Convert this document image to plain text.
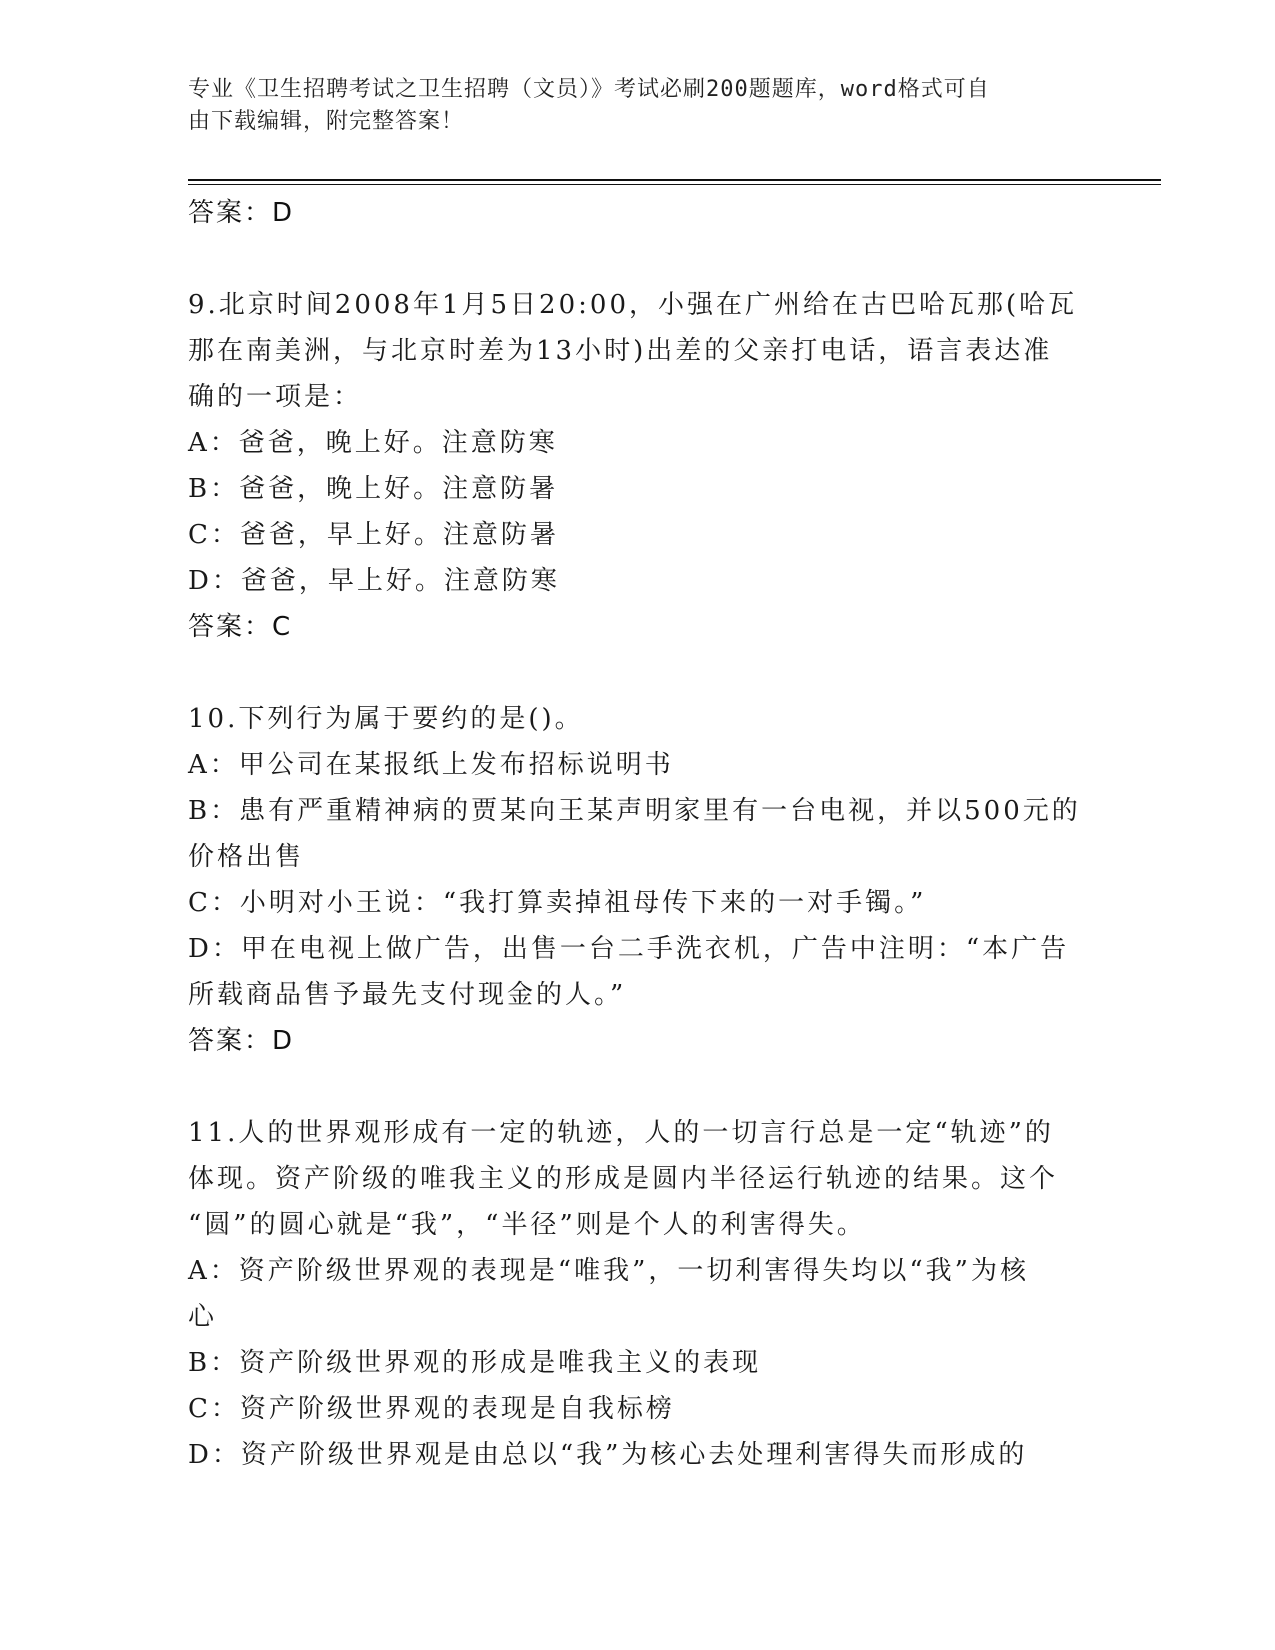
专业《卫生招聘考试之卫生招聘（文员）》考试必刷200题题库，word格式可自
由下载编辑，附完整答案！
答案：D
9.北京时间2008年1月5日20:00，小强在广州给在古巴哈瓦那(哈瓦
那在南美洲，与北京时差为13小时)出差的父亲打电话，语言表达准
确的一项是：
A：爸爸，晚上好。注意防寒
B：爸爸，晚上好。注意防暑
C：爸爸，早上好。注意防暑
D：爸爸，早上好。注意防寒
答案：C
10.下列行为属于要约的是()。
A：甲公司在某报纸上发布招标说明书
B：患有严重精神病的贾某向王某声明家里有一台电视，并以500元的
价格出售
C：小明对小王说：“我打算卖掉祖母传下来的一对手镯。”
D：甲在电视上做广告，出售一台二手洗衣机，广告中注明：“本广告
所载商品售予最先支付现金的人。”
答案：D
11.人的世界观形成有一定的轨迹，人的一切言行总是一定“轨迹”的
体现。资产阶级的唯我主义的形成是圆内半径运行轨迹的结果。这个
“圆”的圆心就是“我”，“半径”则是个人的利害得失。
A：资产阶级世界观的表现是“唯我”，一切利害得失均以“我”为核
心
B：资产阶级世界观的形成是唯我主义的表现
C：资产阶级世界观的表现是自我标榜
D：资产阶级世界观是由总以“我”为核心去处理利害得失而形成的
